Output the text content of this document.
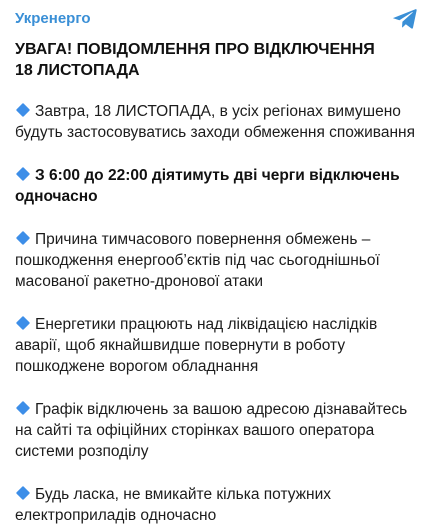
Укренерго
УВАГА! ПОВІДОМЛЕННЯ ПРО ВІДКЛЮЧЕННЯ 18 ЛИСТОПАДА

Завтра, 18 ЛИСТОПАДА, в усіх регіонах вимушено будуть застосовуватись заходи обмеження споживання

З 6:00 до 22:00 діятимуть дві черги відключень одночасно

Причина тимчасового повернення обмежень – пошкодження енергооб’єктів під час сьогоднішньої масованої ракетно-дронової атаки

Енергетики працюють над ліквідацією наслідків аварії, щоб якнайшвидше повернути в роботу пошкоджене ворогом обладнання

Графік відключень за вашою адресою дізнавайтесь на сайті та офіційних сторінках вашого оператора системи розподілу

Будь ласка, не вмикайте кілька потужних електроприладів одночасно
